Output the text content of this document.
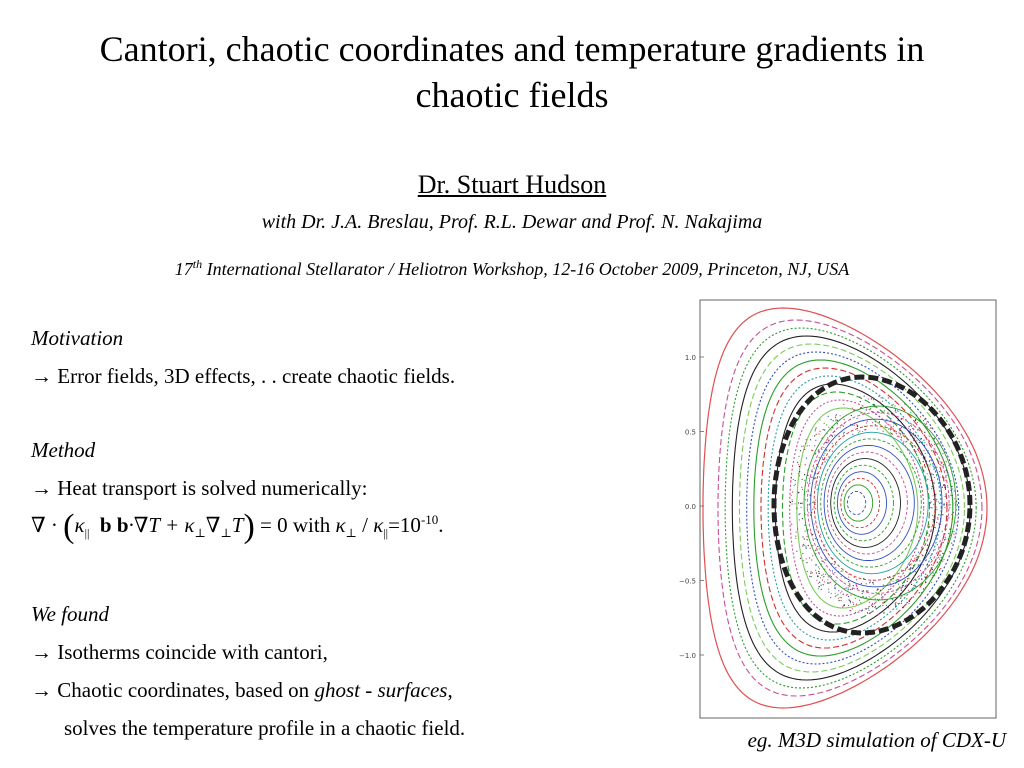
Cantori, chaotic coordinates and temperature gradients in
chaotic fields
Dr. Stuart Hudson
with Dr. J.A. Breslau, Prof. R.L. Dewar and Prof. N. Nakajima
17th International Stellarator / Heliotron Workshop, 12-16 October 2009, Princeton, NJ, USA
Motivation
→ Error fields, 3D effects, . . create chaotic fields.
Method
→ Heat transport is solved numerically:
∇ · ($\kappa_{||}$ b $b\cdot\nabla T + \kappa_\perp\nabla_\perp T) = 0$ with $\kappa_\perp / \kappa_{||}=10^{-10}$.
We found
→ Isotherms coincide with cantori,
→ Chaotic coordinates, based on ghost - surfaces,
solves the temperature profile in a chaotic field.
1.0
0.5
0.0
−0.5
−1.0
eg. M3D simulation of CDX-U
